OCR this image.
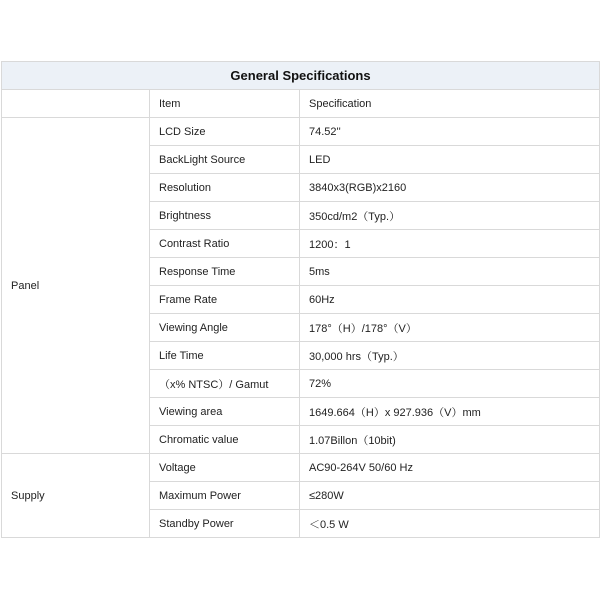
General Specifications		
	Item	Specification
Panel	LCD Size	74.52''
	BackLight Source	LED
	Resolution	3840x3(RGB)x2160
	Brightness	350cd/m2（Typ.）
	Contrast Ratio	1200：1
	Response Time	5ms
	Frame Rate	60Hz
	Viewing Angle	178°（H）/178°（V）
	Life Time	30,000 hrs（Typ.）
	（x% NTSC）/ Gamut	72%
	Viewing area	1649.664（H）x 927.936（V）mm
	Chromatic value	1.07Billon（10bit)
Supply	Voltage	AC90-264V 50/60 Hz
	Maximum Power	≤280W
	Standby Power	＜0.5 W
